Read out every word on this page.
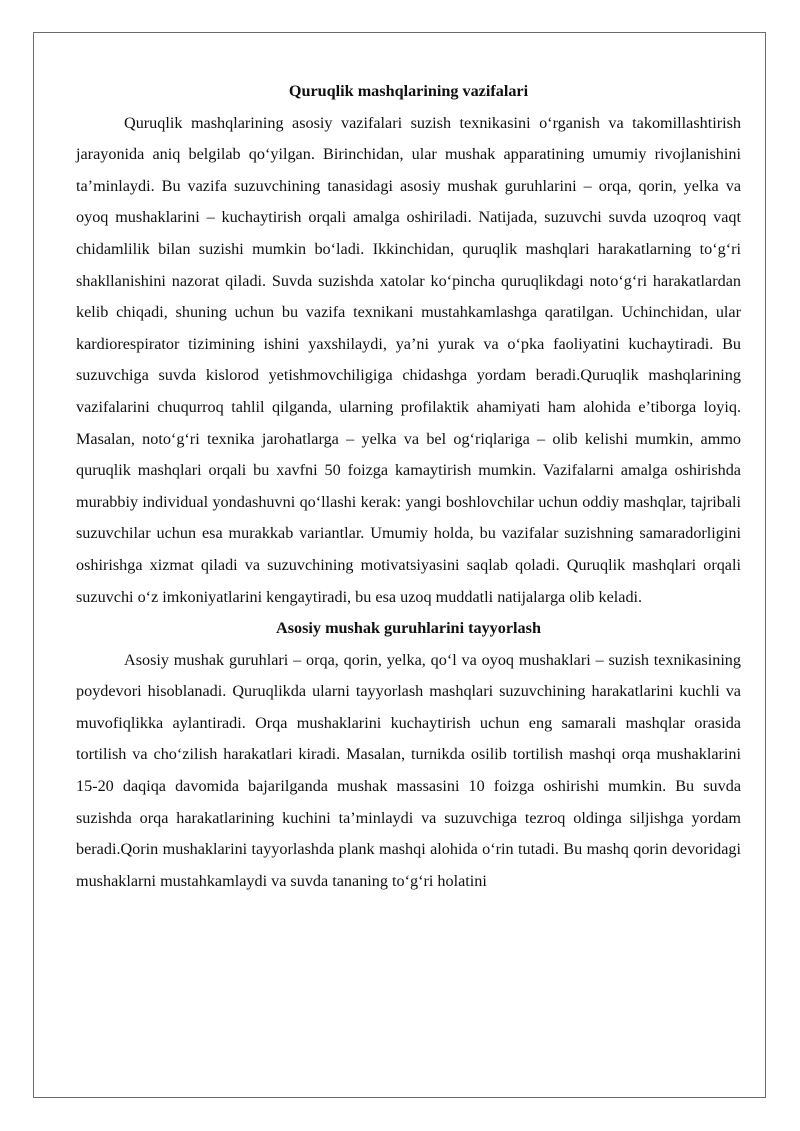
Quruqlik mashqlarining vazifalari

Quruqlik mashqlarining asosiy vazifalari suzish texnikasini o‘rganish va takomillashtirish jarayonida aniq belgilab qo‘yilgan. Birinchidan, ular mushak apparatining umumiy rivojlanishini ta’minlaydi. Bu vazifa suzuvchining tanasidagi asosiy mushak guruhlarini – orqa, qorin, yelka va oyoq mushaklarini – kuchaytirish orqali amalga oshiriladi. Natijada, suzuvchi suvda uzoqroq vaqt chidamlilik bilan suzishi mumkin bo‘ladi. Ikkinchidan, quruqlik mashqlari harakatlarning to‘g‘ri shakllanishini nazorat qiladi. Suvda suzishda xatolar ko‘pincha quruqlikdagi noto‘g‘ri harakatlardan kelib chiqadi, shuning uchun bu vazifa texnikani mustahkamlashga qaratilgan. Uchinchidan, ular kardiorespirator tizimining ishini yaxshilaydi, ya’ni yurak va o‘pka faoliyatini kuchaytiradi. Bu suzuvchiga suvda kislorod yetishmovchiligiga chidashga yordam beradi.Quruqlik mashqlarining vazifalarini chuqurroq tahlil qilganda, ularning profilaktik ahamiyati ham alohida e’tiborga loyiq. Masalan, noto‘g‘ri texnika jarohatlarga – yelka va bel og‘riqlariga – olib kelishi mumkin, ammo quruqlik mashqlari orqali bu xavfni 50 foizga kamaytirish mumkin. Vazifalarni amalga oshirishda murabbiy individual yondashuvni qo‘llashi kerak: yangi boshlovchilar uchun oddiy mashqlar, tajribali suzuvchilar uchun esa murakkab variantlar. Umumiy holda, bu vazifalar suzishning samaradorligini oshirishga xizmat qiladi va suzuvchining motivatsiyasini saqlab qoladi. Quruqlik mashqlari orqali suzuvchi o‘z imkoniyatlarini kengaytiradi, bu esa uzoq muddatli natijalarga olib keladi.

Asosiy mushak guruhlarini tayyorlash

Asosiy mushak guruhlari – orqa, qorin, yelka, qo‘l va oyoq mushaklari – suzish texnikasining poydevori hisoblanadi. Quruqlikda ularni tayyorlash mashqlari suzuvchining harakatlarini kuchli va muvofiqlikka aylantiradi. Orqa mushaklarini kuchaytirish uchun eng samarali mashqlar orasida tortilish va cho‘zilish harakatlari kiradi. Masalan, turnikda osilib tortilish mashqi orqa mushaklarini 15-20 daqiqa davomida bajarilganda mushak massasini 10 foizga oshirishi mumkin. Bu suvda suzishda orqa harakatlarining kuchini ta’minlaydi va suzuvchiga tezroq oldinga siljishga yordam beradi.Qorin mushaklarini tayyorlashda plank mashqi alohida o‘rin tutadi. Bu mashq qorin devoridagi mushaklarni mustahkamlaydi va suvda tananing to‘g‘ri holatini
